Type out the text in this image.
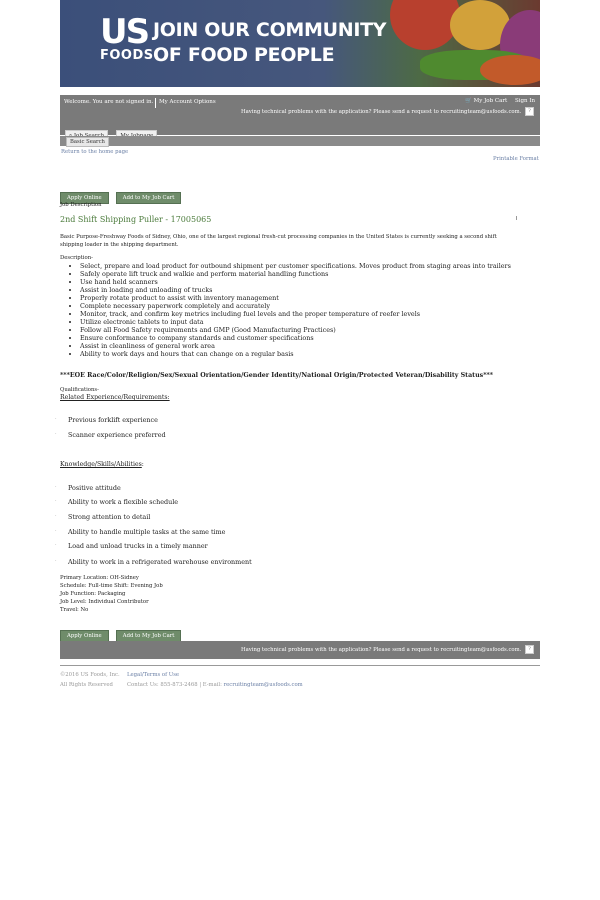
US
FOODS
JOIN OUR COMMUNITY
OF FOOD PEOPLE
Welcome. You are not signed in. My Account Options	🛒 My Job Cart Sign In
Having technical problems with the application? Please send a request to recruitingteam@usfoods.com. ?

Basic Search
Return to the home page
Printable Format
Apply Online	Add to My Job Cart
Job Description
2nd Shift Shipping Puller - 17005065
Basic Purpose-Freshway Foods of Sidney, Ohio, one of the largest regional fresh-cut processing companies in the United States is currently seeking a second shift shipping loader in the shipping department.
Description-
• Select, prepare and load product for outbound shipment per customer specifications. Moves product from staging areas into trailers
• Safely operate lift truck and walkie and perform material handling functions
• Use hand held scanners
• Assist in loading and unloading of trucks
• Properly rotate product to assist with inventory management
• Complete necessary paperwork completely and accurately
• Monitor, track, and confirm key metrics including fuel levels and the proper temperature of reefer levels
• Utilize electronic tablets to input data
• Follow all Food Safety requirements and GMP (Good Manufacturing Practices)
• Ensure conformance to company standards and customer specifications
• Assist in cleanliness of general work area
• Ability to work days and hours that can change on a regular basis
***EOE Race/Color/Religion/Sex/Sexual Orientation/Gender Identity/National Origin/Protected Veteran/Disability Status***
Qualifications-
Related Experience/Requirements:
· Previous forklift experience
· Scanner experience preferred
Knowledge/Skills/Abilities:
· Positive attitude
· Ability to work a flexible schedule
· Strong attention to detail
· Ability to handle multiple tasks at the same time
· Load and unload trucks in a timely manner
· Ability to work in a refrigerated warehouse environment
Primary Location: OH-Sidney
Schedule: Full-time Shift: Evening Job
Job Function: Packaging
Job Level: Individual Contributor
Travel: No
Apply Online	Add to My Job Cart
Having technical problems with the application? Please send a request to recruitingteam@usfoods.com. ?
©2016 US Foods, Inc.
All Rights Reserved
Legal/Terms of Use
Contact Us: 855-873-2468 | E-mail: recruitingteam@usfoods.com
